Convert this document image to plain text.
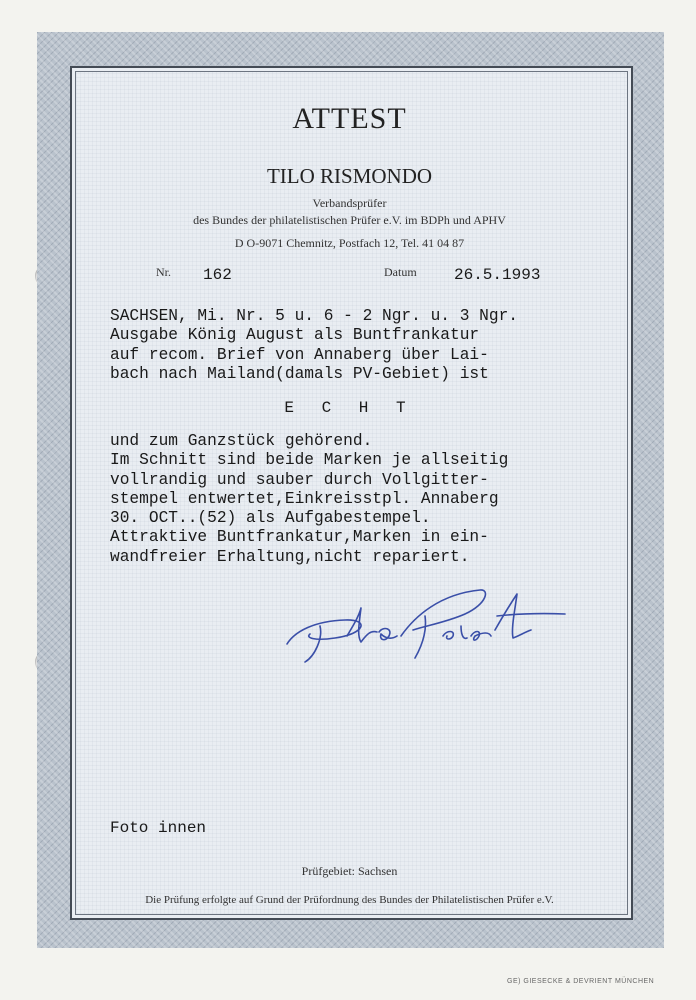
ATTEST
TILO RISMONDO
Verbandsprüfer
des Bundes der philatelistischen Prüfer e.V. im BDPh und APHV
D O-9071 Chemnitz, Postfach 12, Tel. 41 04 87
Nr. 162	Datum 26.5.1993
SACHSEN, Mi. Nr. 5 u. 6 - 2 Ngr. u. 3 Ngr.
Ausgabe König August als Buntfrankatur
auf recom. Brief von Annaberg über Lai-
bach nach Mailand(damals PV-Gebiet) ist
E C H T
und zum Ganzstück gehörend.
Im Schnitt sind beide Marken je allseitig
vollrandig und sauber durch Vollgitter-
stempel entwertet,Einkreisstpl. Annaberg
30. OCT..(52) als Aufgabestempel.
Attraktive Buntfrankatur,Marken in ein-
wandfreier Erhaltung,nicht repariert.
Foto innen
Prüfgebiet: Sachsen
Die Prüfung erfolgte auf Grund der Prüfordnung des Bundes der Philatelistischen Prüfer e.V.
GE) GIESECKE & DEVRIENT MÜNCHEN
